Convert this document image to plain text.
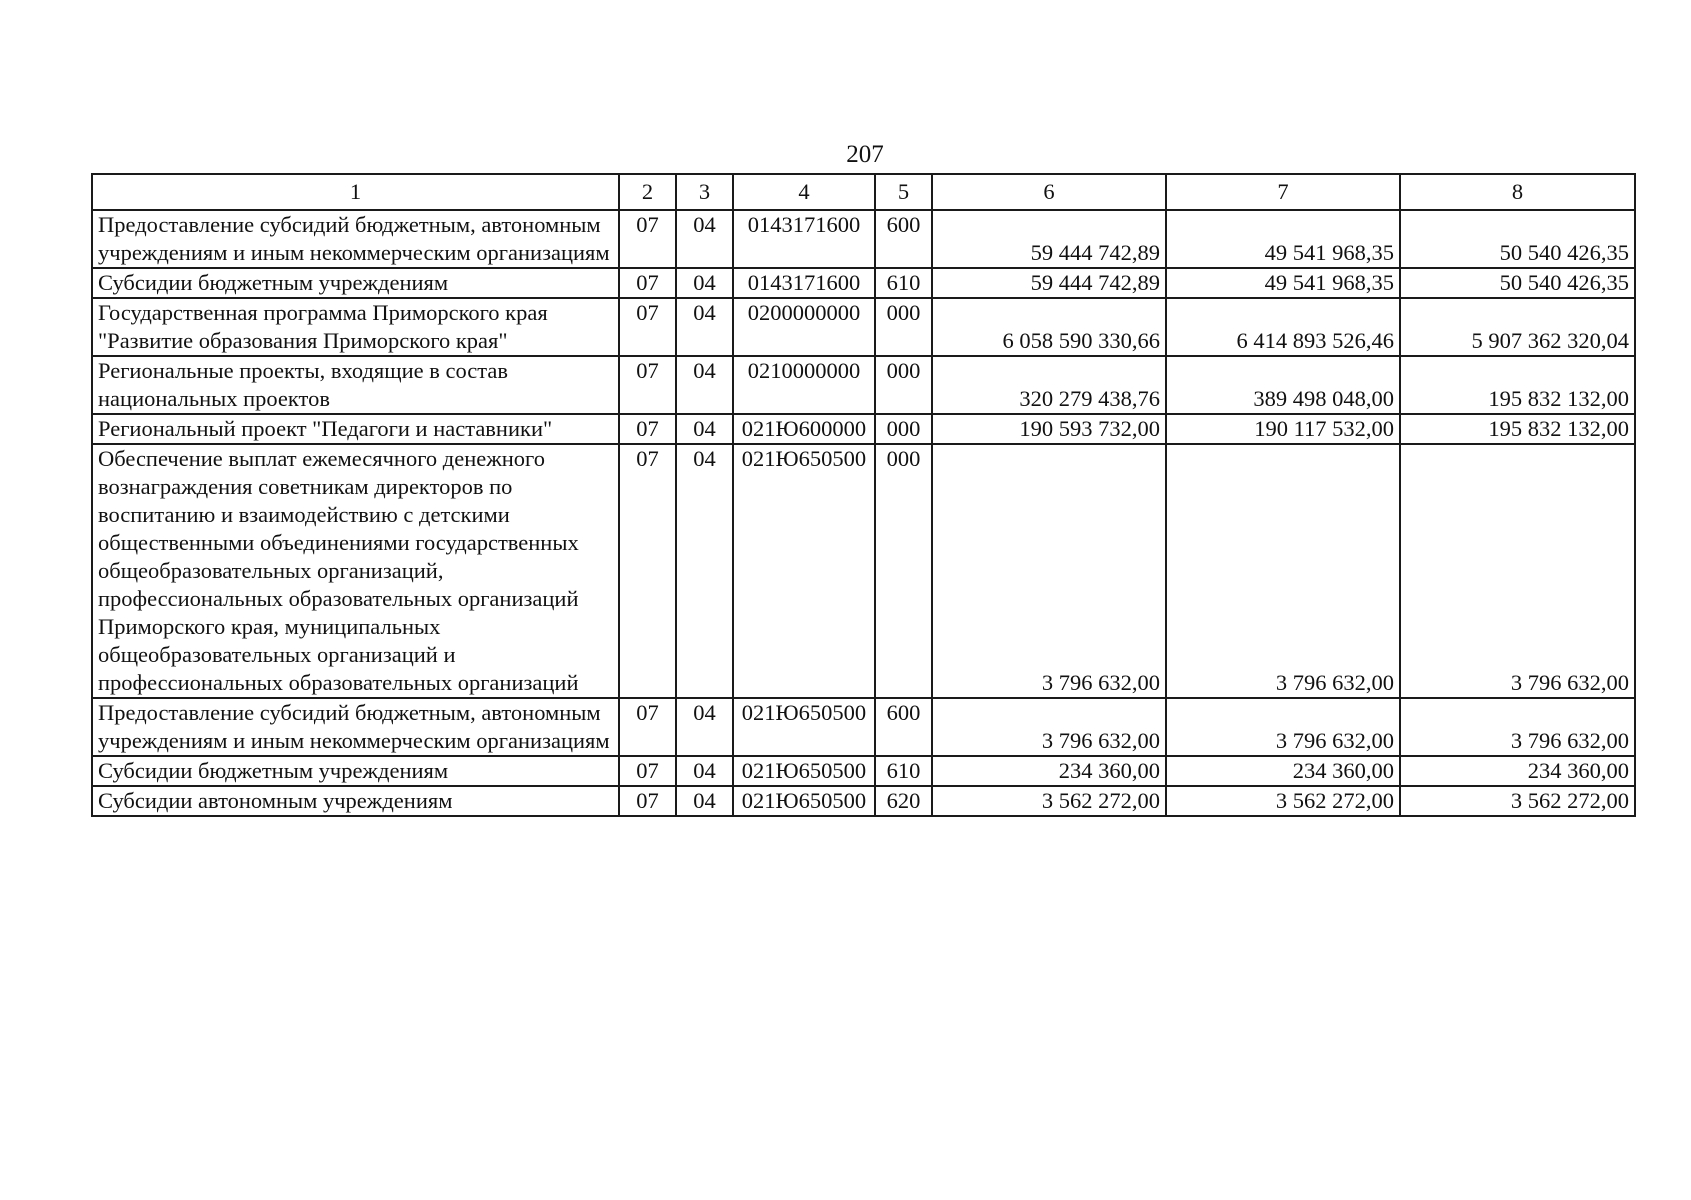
207
1	2	3	4	5	6	7	8
Предоставление субсидий бюджетным, автономным учреждениям и иным некоммерческим организациям	07	04	0143171600	600	59 444 742,89	49 541 968,35	50 540 426,35
Субсидии бюджетным учреждениям	07	04	0143171600	610	59 444 742,89	49 541 968,35	50 540 426,35
Государственная программа Приморского края "Развитие образования Приморского края"	07	04	0200000000	000	6 058 590 330,66	6 414 893 526,46	5 907 362 320,04
Региональные проекты, входящие в состав национальных проектов	07	04	0210000000	000	320 279 438,76	389 498 048,00	195 832 132,00
Региональный проект "Педагоги и наставники"	07	04	021Ю600000	000	190 593 732,00	190 117 532,00	195 832 132,00
Обеспечение выплат ежемесячного денежного вознаграждения советникам директоров по воспитанию и взаимодействию с детскими общественными объединениями государственных общеобразовательных организаций, профессиональных образовательных организаций Приморского края, муниципальных общеобразовательных организаций и профессиональных образовательных организаций	07	04	021Ю650500	000	3 796 632,00	3 796 632,00	3 796 632,00
Предоставление субсидий бюджетным, автономным учреждениям и иным некоммерческим организациям	07	04	021Ю650500	600	3 796 632,00	3 796 632,00	3 796 632,00
Субсидии бюджетным учреждениям	07	04	021Ю650500	610	234 360,00	234 360,00	234 360,00
Субсидии автономным учреждениям	07	04	021Ю650500	620	3 562 272,00	3 562 272,00	3 562 272,00
